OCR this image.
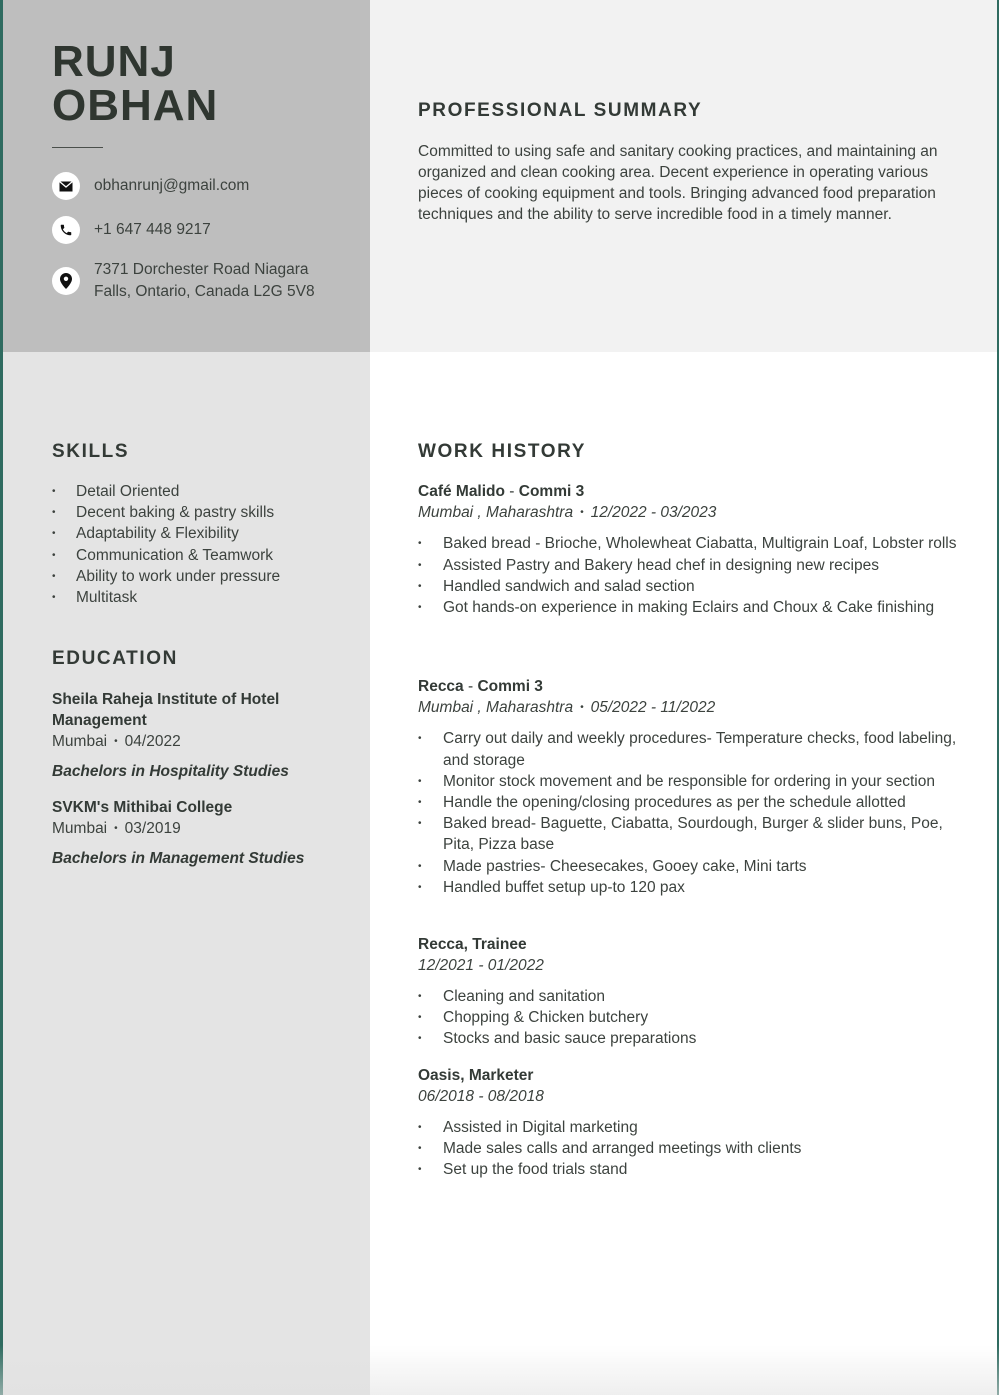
RUNJ
OBHAN
obhanrunj@gmail.com
+1 647 448 9217
7371 Dorchester Road Niagara
Falls, Ontario, Canada L2G 5V8
PROFESSIONAL SUMMARY

Committed to using safe and sanitary cooking practices, and maintaining an organized and clean cooking area. Decent experience in operating various pieces of cooking equipment and tools. Bringing advanced food preparation techniques and the ability to serve incredible food in a timely manner.

SKILLS
• Detail Oriented
• Decent baking & pastry skills
• Adaptability & Flexibility
• Communication & Teamwork
• Ability to work under pressure
• Multitask
EDUCATION
Sheila Raheja Institute of Hotel Management
Mumbai • 04/2022
Bachelors in Hospitality Studies
SVKM's Mithibai College
Mumbai • 03/2019
Bachelors in Management Studies
WORK HISTORY
Café Malido - Commi 3
Mumbai , Maharashtra • 12/2022 - 03/2023
• Baked bread - Brioche, Wholewheat Ciabatta, Multigrain Loaf, Lobster rolls
• Assisted Pastry and Bakery head chef in designing new recipes
• Handled sandwich and salad section
• Got hands-on experience in making Eclairs and Choux & Cake finishing
Recca - Commi 3
Mumbai , Maharashtra • 05/2022 - 11/2022
• Carry out daily and weekly procedures- Temperature checks, food labeling, and storage
• Monitor stock movement and be responsible for ordering in your section
• Handle the opening/closing procedures as per the schedule allotted
• Baked bread- Baguette, Ciabatta, Sourdough, Burger & slider buns, Poe, Pita, Pizza base
• Made pastries- Cheesecakes, Gooey cake, Mini tarts
• Handled buffet setup up-to 120 pax
Recca, Trainee
12/2021 - 01/2022
• Cleaning and sanitation
• Chopping & Chicken butchery
• Stocks and basic sauce preparations
Oasis, Marketer
06/2018 - 08/2018
• Assisted in Digital marketing
• Made sales calls and arranged meetings with clients
• Set up the food trials stand
